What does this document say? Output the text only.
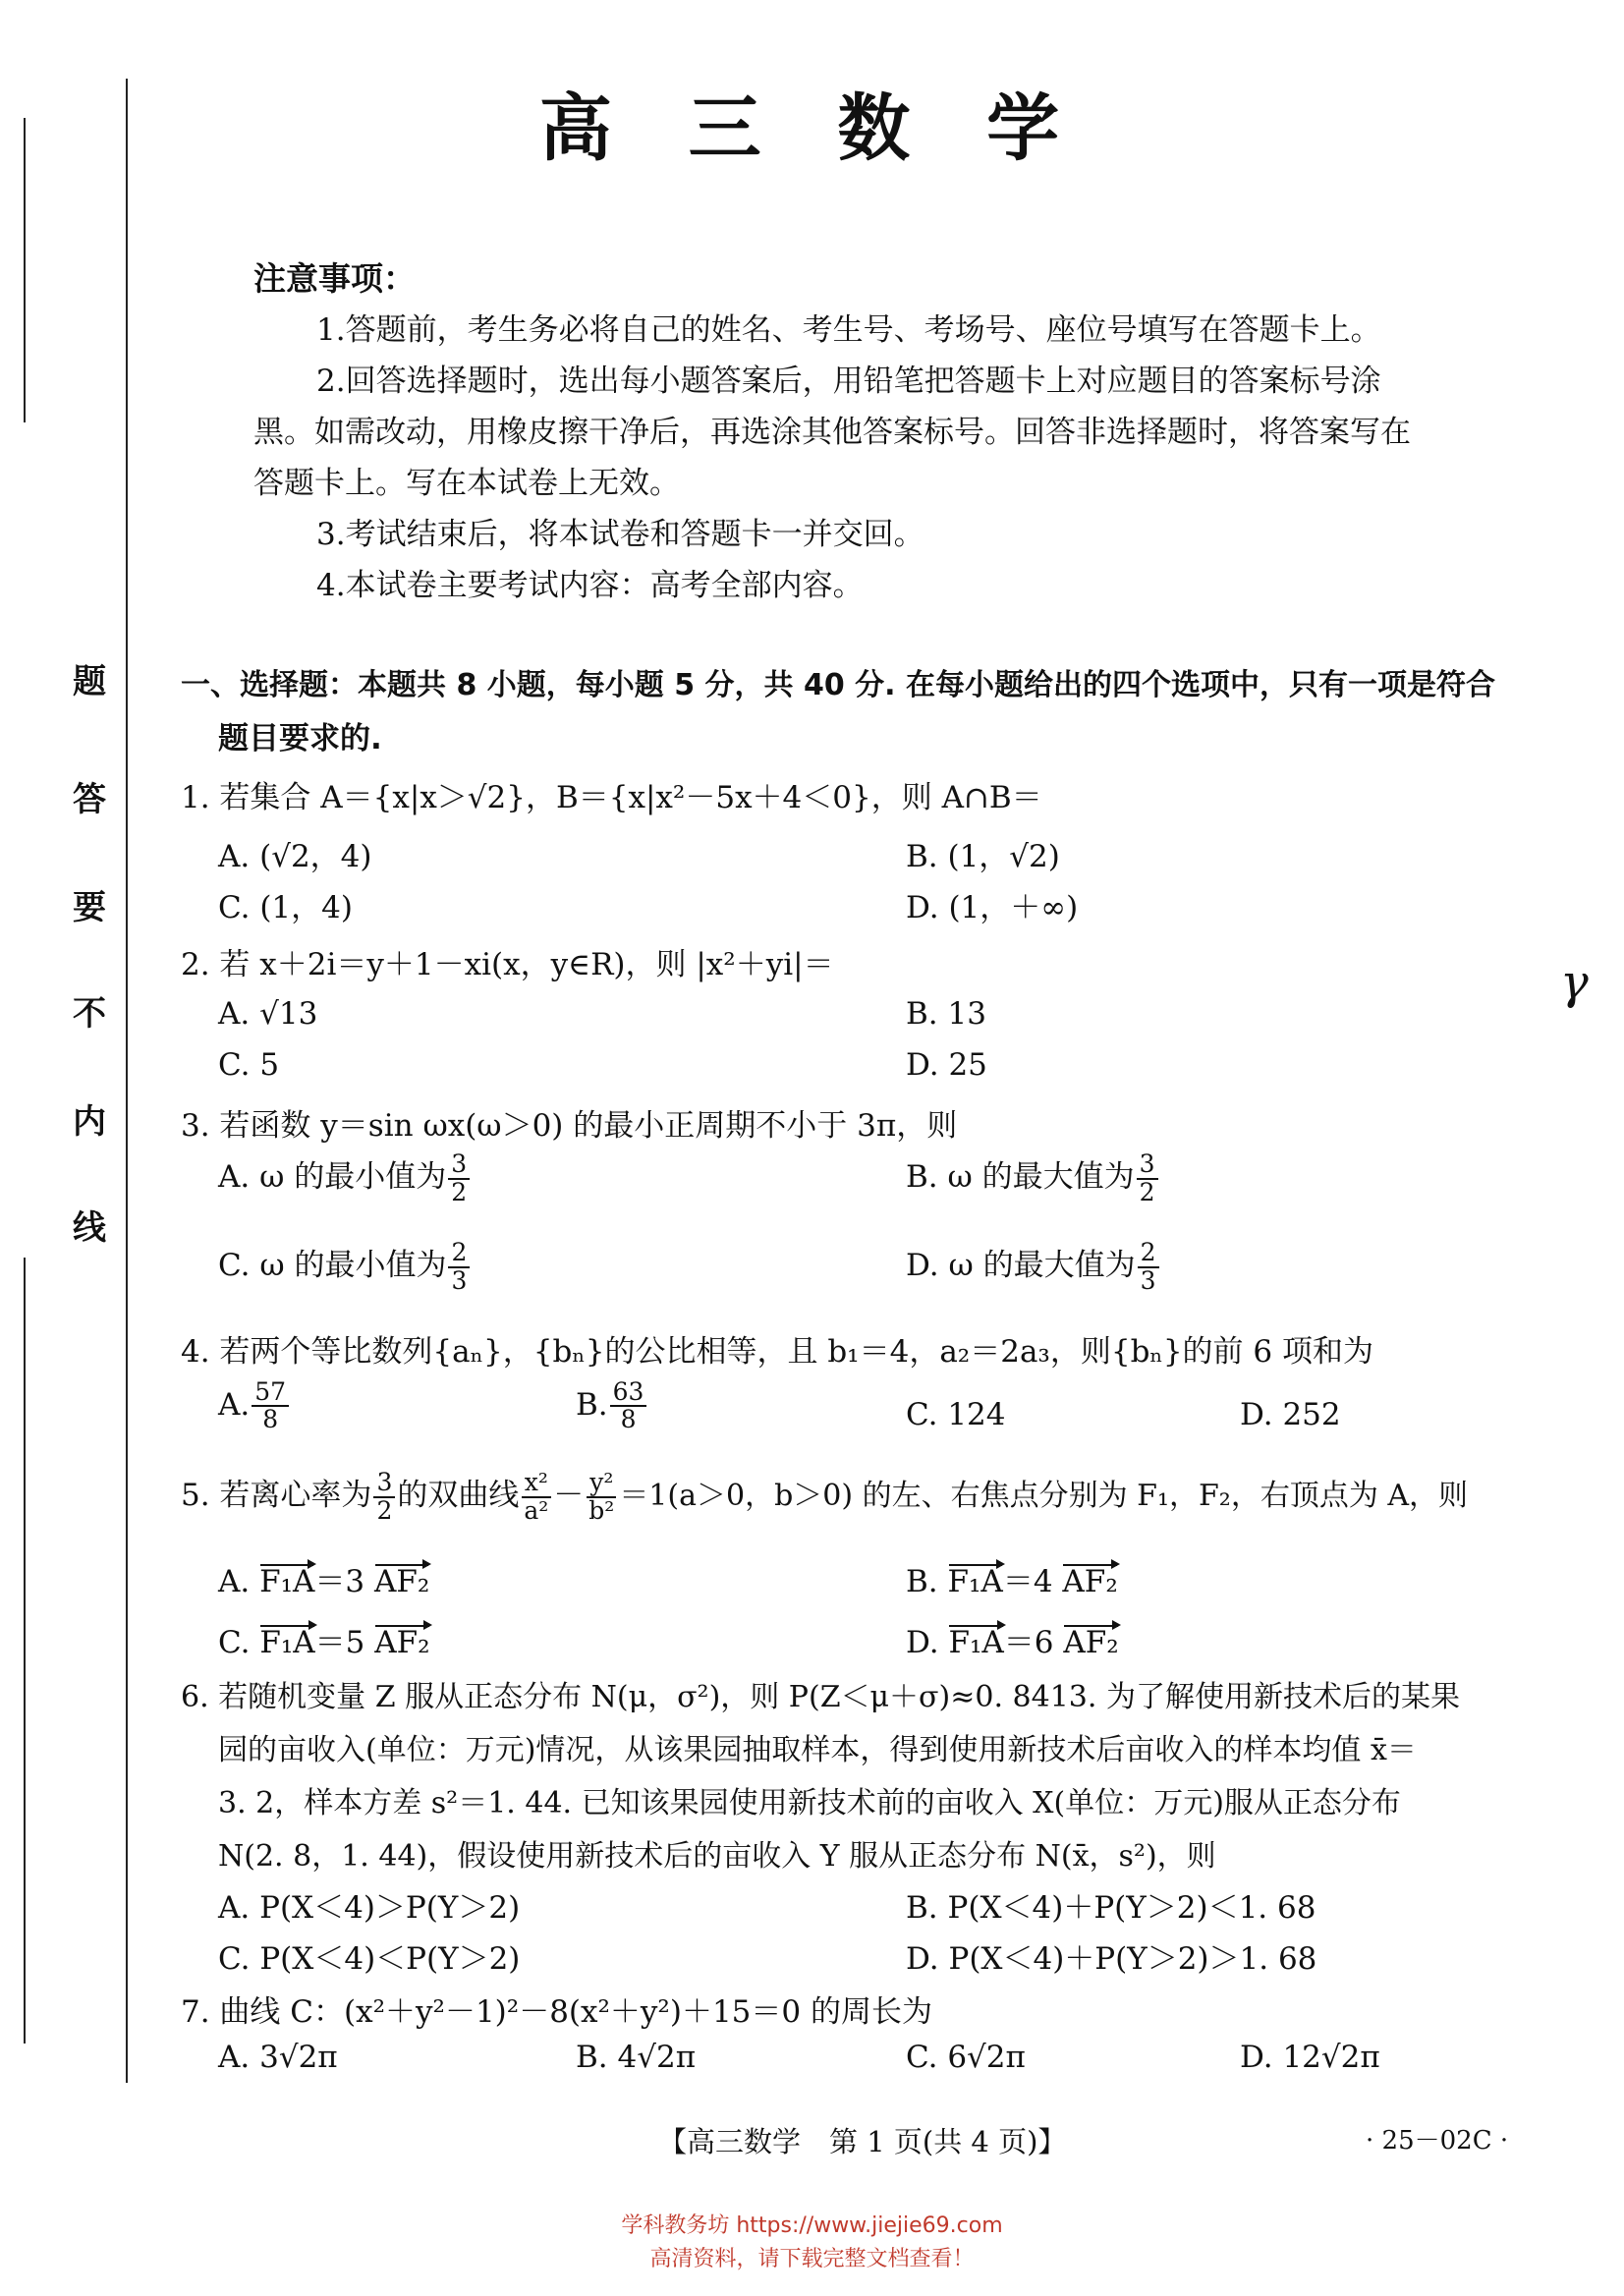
题
答
要
不
内
线
高 三 数 学
注意事项：
1.答题前，考生务必将自己的姓名、考生号、考场号、座位号填写在答题卡上。
2.回答选择题时，选出每小题答案后，用铅笔把答题卡上对应题目的答案标号涂
黑。如需改动，用橡皮擦干净后，再选涂其他答案标号。回答非选择题时，将答案写在
答题卡上。写在本试卷上无效。
3.考试结束后，将本试卷和答题卡一并交回。
4.本试卷主要考试内容：高考全部内容。
一、选择题：本题共 8 小题，每小题 5 分，共 40 分. 在每小题给出的四个选项中，只有一项是符合
题目要求的.
1. 若集合 A＝{x|x＞√2}，B＝{x|x²－5x＋4＜0}，则 A∩B＝
A. (√2，4)	B. (1，√2)
C. (1，4)	D. (1，＋∞)
2. 若 x＋2i＝y＋1－xi(x，y∈R)，则 |x²＋yi|＝
A. √13	B. 13
C. 5	D. 25
3. 若函数 y＝sin ωx(ω＞0) 的最小正周期不小于 3π，则
A. ω 的最小值为 $\frac{3}{2}$	B. ω 的最大值为 $\frac{3}{2}$
C. ω 的最小值为 $\frac{2}{3}$	D. ω 的最大值为 $\frac{2}{3}$
4. 若两个等比数列{aₙ}，{bₙ}的公比相等，且 b₁＝4，a₂＝2a₃，则{bₙ}的前 6 项和为
A. $\frac{57}{8}$	B. $\frac{63}{8}$	C. 124	D. 252
5. 若离心率为 $\frac{3}{2}$ 的双曲线 $\frac{\text{x²}}{\text{a²}} - \frac{\text{y²}}{\text{b²}} =1(a>0$，b＞0) 的左、右焦点分别为 F₁，F₂，右顶点为 A，则
A. F₁A＝3 AF₂	B. F₁A＝4 AF₂
C. F₁A＝5 AF₂	D. F₁A＝6 AF₂
6. 若随机变量 Z 服从正态分布 N(μ，σ²)，则 P(Z＜μ＋σ)≈0. 8413. 为了解使用新技术后的某果
园的亩收入(单位：万元)情况，从该果园抽取样本，得到使用新技术后亩收入的样本均值 x̄＝
3. 2，样本方差 s²＝1. 44. 已知该果园使用新技术前的亩收入 X(单位：万元)服从正态分布
N(2. 8，1. 44)，假设使用新技术后的亩收入 Y 服从正态分布 N(x̄，s²)，则
A. P(X＜4)＞P(Y＞2)	B. P(X＜4)＋P(Y＞2)＜1. 68
C. P(X＜4)＜P(Y＞2)	D. P(X＜4)＋P(Y＞2)＞1. 68
7. 曲线 C：(x²＋y²－1)²－8(x²＋y²)＋15＝0 的周长为
A. 3√2π	B. 4√2π	C. 6√2π	D. 12√2π
γ
【高三数学　第 1 页(共 4 页)】	· 25－02C ·
学科教务坊 https://www.jiejie69.com
高清资料，请下载完整文档查看！
